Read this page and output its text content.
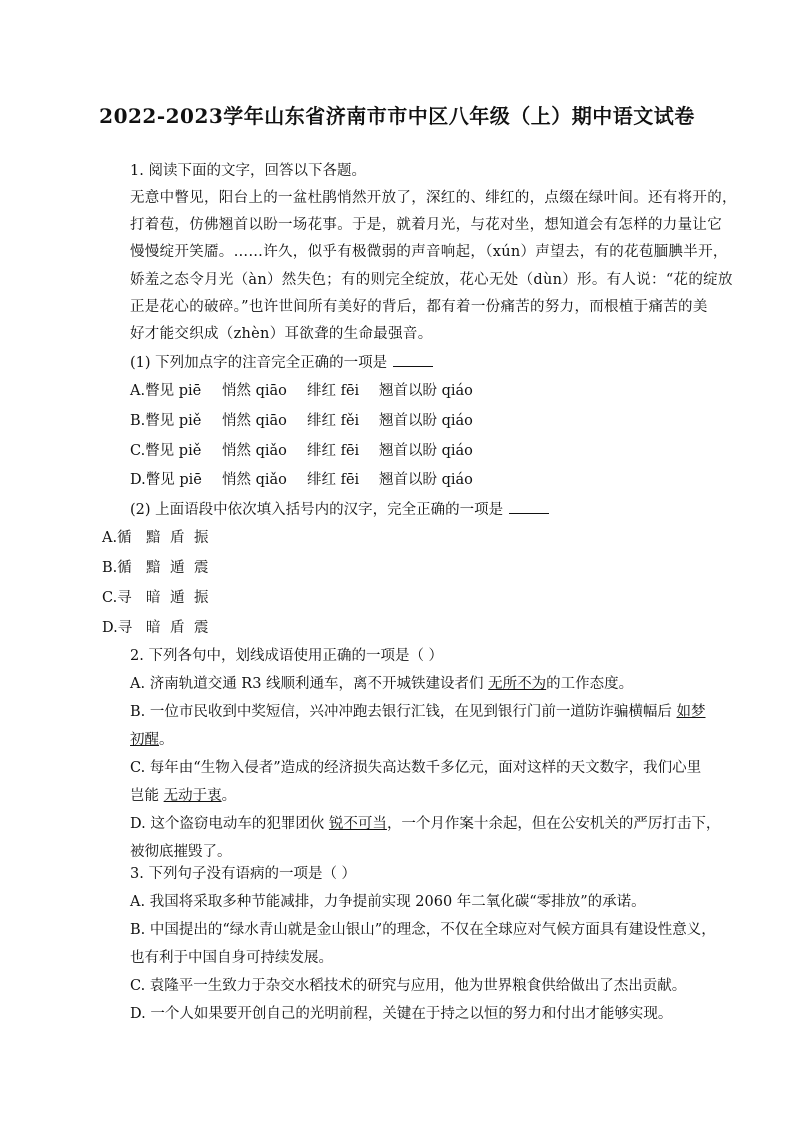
2022-2023学年山东省济南市市中区八年级（上）期中语文试卷
1. 阅读下面的文字，回答以下各题。
无意中瞥见，阳台上的一盆杜鹃悄然开放了，深红的、绯红的，点缀在绿叶间。还有将开的，
打着苞，仿佛翘首以盼一场花事。于是，就着月光，与花对坐，想知道会有怎样的力量让它
慢慢绽开笑靥。……许久，似乎有极微弱的声音响起，（xún）声望去，有的花苞腼腆半开，
娇羞之态令月光（àn）然失色；有的则完全绽放，花心无处（dùn）形。有人说：“花的绽放
正是花心的破碎。”也许世间所有美好的背后，都有着一份痛苦的努力，而根植于痛苦的美
好才能交织成（zhèn）耳欲聋的生命最强音。
(1) 下列加点字的注音完全正确的一项是
A.瞥见 piē 悄然 qiāo 绯红 fēi 翘首以盼 qiáo
B.瞥见 piě 悄然 qiāo 绯红 fěi 翘首以盼 qiáo
C.瞥见 piě 悄然 qiǎo 绯红 fēi 翘首以盼 qiáo
D.瞥见 piē 悄然 qiǎo 绯红 fēi 翘首以盼 qiáo
(2) 上面语段中依次填入括号内的汉字，完全正确的一项是
A.循 黯 盾 振
B.循 黯 遁 震
C.寻 暗 遁 振
D.寻 暗 盾 震
2. 下列各句中，划线成语使用正确的一项是（ ）
A. 济南轨道交通 R3 线顺利通车，离不开城铁建设者们 无所不为的工作态度。
B. 一位市民收到中奖短信，兴冲冲跑去银行汇钱，在见到银行门前一道防诈骗横幅后 如梦
初醒。
C. 每年由“生物入侵者”造成的经济损失高达数千多亿元，面对这样的天文数字，我们心里
岂能 无动于衷。
D. 这个盗窃电动车的犯罪团伙 锐不可当，一个月作案十余起，但在公安机关的严厉打击下，
被彻底摧毁了。
3. 下列句子没有语病的一项是（ ）
A. 我国将采取多种节能减排，力争提前实现 2060 年二氧化碳“零排放”的承诺。
B. 中国提出的“绿水青山就是金山银山”的理念，不仅在全球应对气候方面具有建设性意义，
也有利于中国自身可持续发展。
C. 袁隆平一生致力于杂交水稻技术的研究与应用，他为世界粮食供给做出了杰出贡献。
D. 一个人如果要开创自己的光明前程，关键在于持之以恒的努力和付出才能够实现。
